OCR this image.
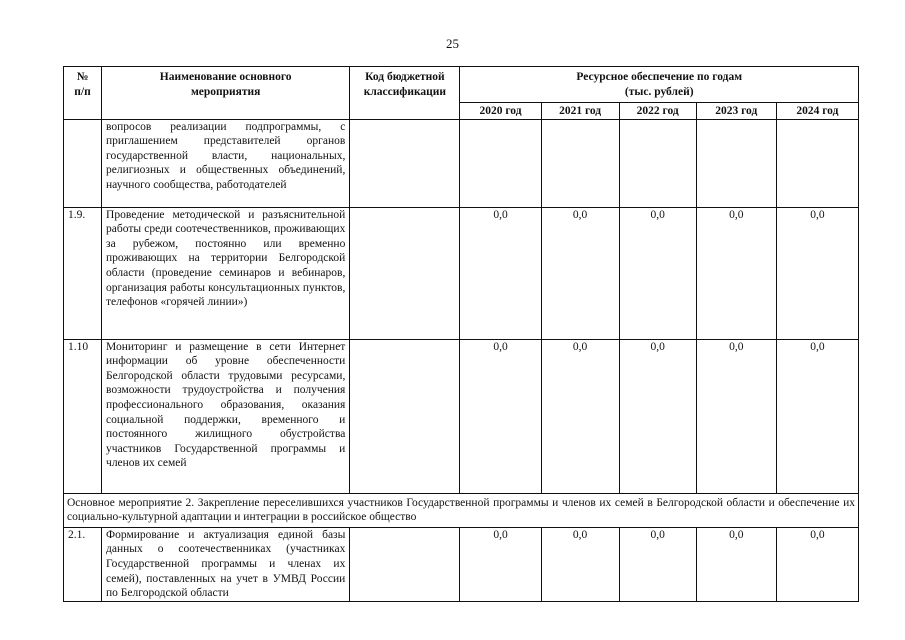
25
№
п/п	Наименование основного мероприятия	Код бюджетной классификации	Ресурсное обеспечение по годам
(тыс. рублей)				
			2020 год	2021 год	2022 год	2023 год	2024 год
	вопросов реализации подпрограммы, с приглашением представителей органов государственной власти, национальных, религиозных и общественных объединений, научного сообщества, работодателей						
1.9.	Проведение методической и разъяснительной работы среди соотечественников, проживающих за рубежом, постоянно или временно проживающих на территории Белгородской области (проведение семинаров и вебинаров, организация работы консультационных пунктов, телефонов «горячей линии»)		0,0	0,0	0,0	0,0	0,0
1.10	Мониторинг и размещение в сети Интернет информации об уровне обеспеченности Белгородской области трудовыми ресурсами, возможности трудоустройства и получения профессионального образования, оказания социальной поддержки, временного и постоянного жилищного обустройства участников Государственной программы и членов их семей		0,0	0,0	0,0	0,0	0,0
Основное мероприятие 2. Закрепление переселившихся участников Государственной программы и членов их семей в Белгородской области и обеспечение их социально-культурной адаптации и интеграции в российское общество							
2.1.	Формирование и актуализация единой базы данных о соотечественниках (участниках Государственной программы и членах их семей), поставленных на учет в УМВД России по Белгородской области		0,0	0,0	0,0	0,0	0,0
